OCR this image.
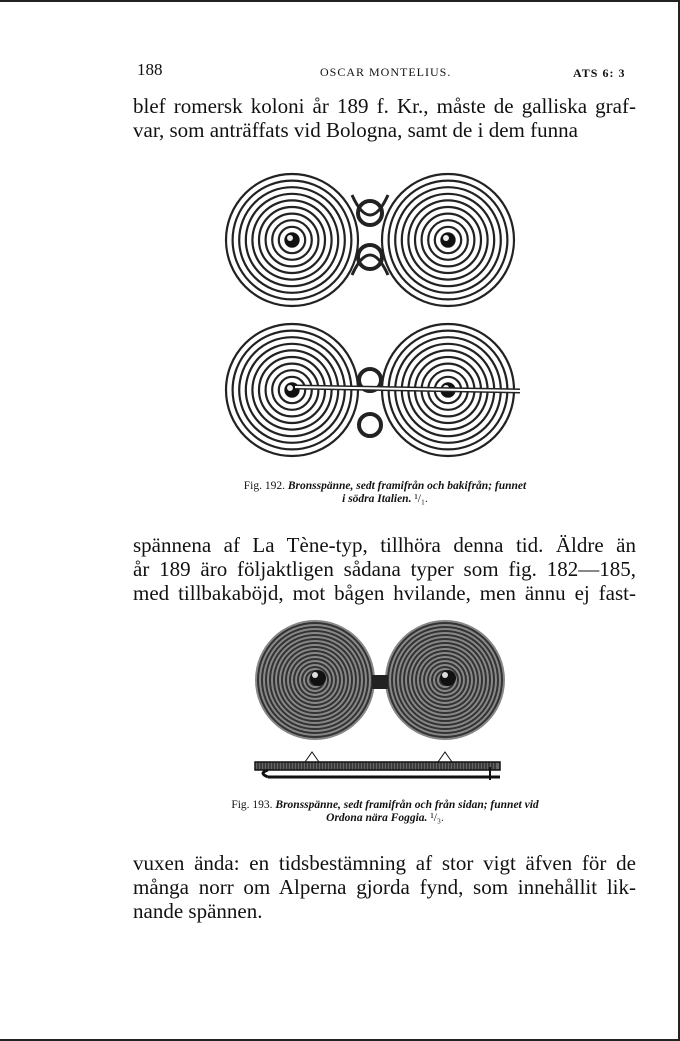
188	OSCAR MONTELIUS.	ATS 6: 3
blef romersk koloni år 189 f. Kr., måste de galliska graf-
var, som anträffats vid Bologna, samt de i dem funna
Fig. 192. Bronsspänne, sedt framifrån och bakifrån; funnet
i södra Italien. ¹/₁.
spännena af La Tène-typ, tillhöra denna tid. Äldre än
år 189 äro följaktligen sådana typer som fig. 182—185,
med tillbakaböjd, mot bågen hvilande, men ännu ej fast-
Fig. 193. Bronsspänne, sedt framifrån och från sidan; funnet vid
Ordona nära Foggia. ¹/₃.
vuxen ända: en tidsbestämning af stor vigt äfven för de
många norr om Alperna gjorda fynd, som innehållit lik-
nande spännen.
